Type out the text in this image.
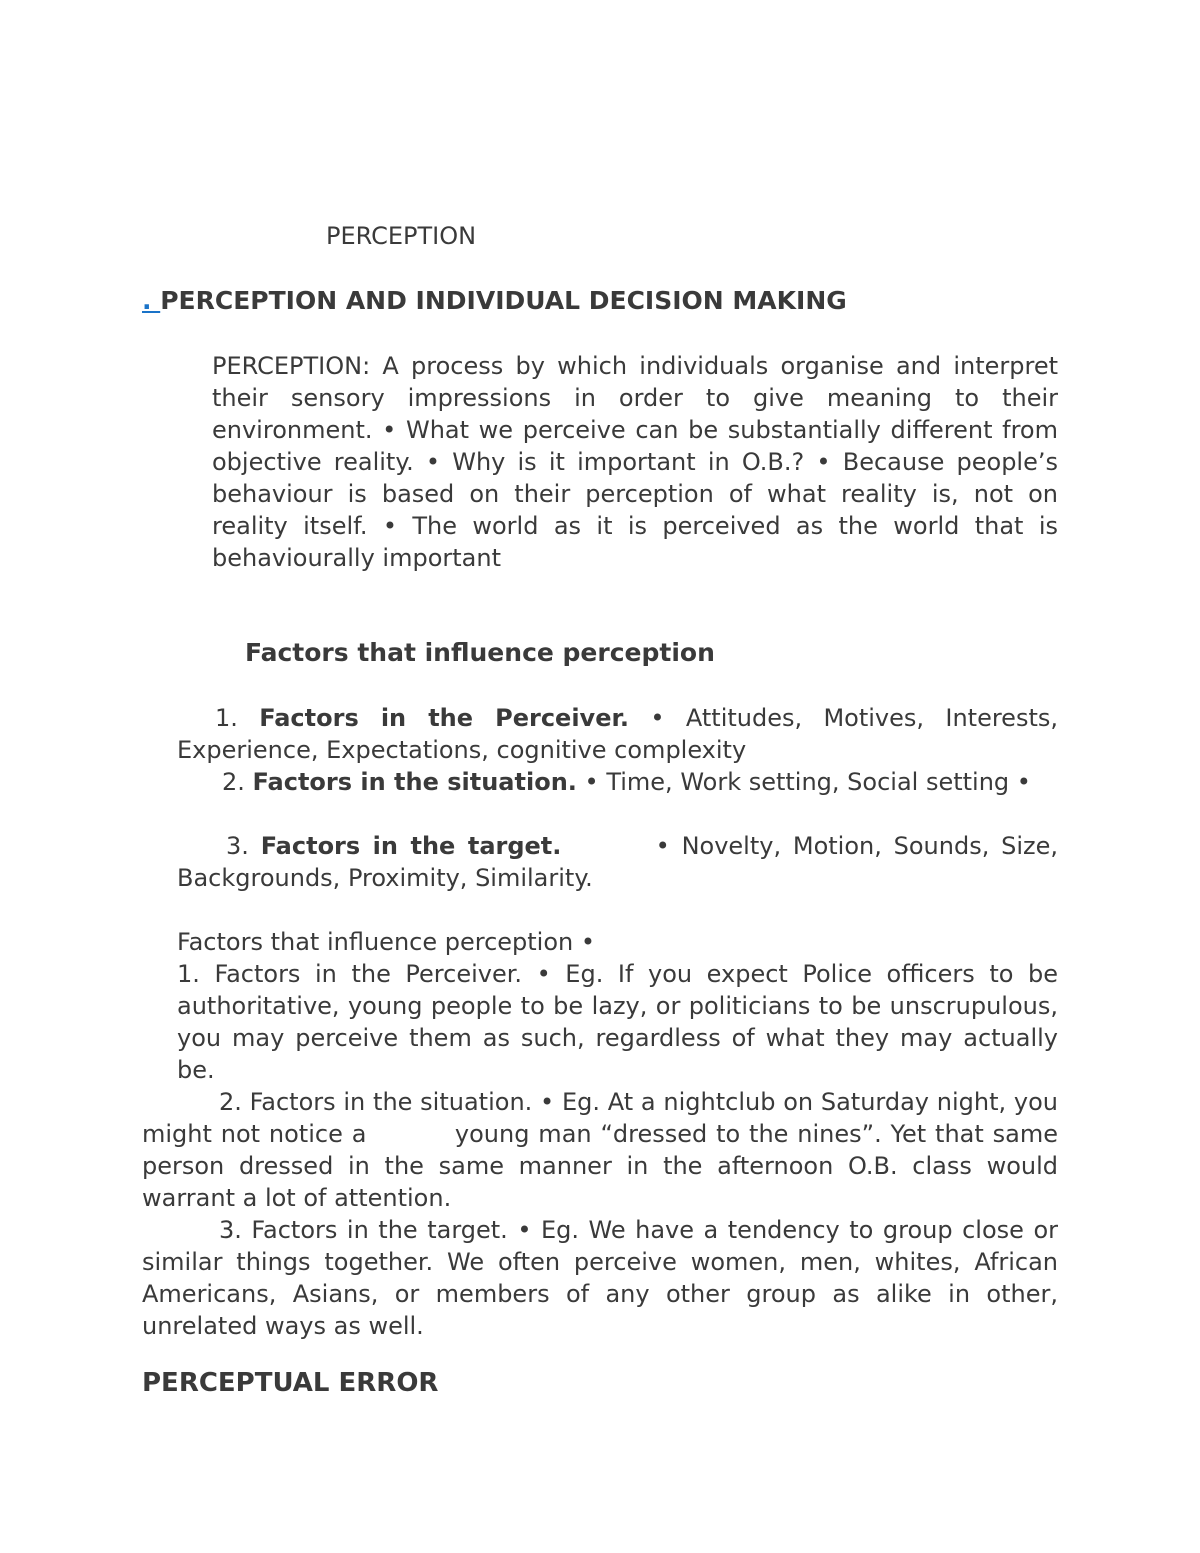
PERCEPTION
. PERCEPTION AND INDIVIDUAL DECISION MAKING

PERCEPTION: A process by which individuals organise and interpret their sensory impressions in order to give meaning to their environment. • What we perceive can be substantially different from objective reality. • Why is it important in O.B.? • Because people’s behaviour is based on their perception of what reality is, not on reality itself. • The world as it is perceived as the world that is behaviourally important

Factors that influence perception

1. Factors in the Perceiver. • Attitudes, Motives, Interests, Experience, Expectations, cognitive complexity

2. Factors in the situation. • Time, Work setting, Social setting •

3. Factors in the target.        • Novelty, Motion, Sounds, Size, Backgrounds, Proximity, Similarity.

Factors that influence perception •

1. Factors in the Perceiver. • Eg. If you expect Police officers to be authoritative, young people to be lazy, or politicians to be unscrupulous, you may perceive them as such, regardless of what they may actually be.

2. Factors in the situation. • Eg. At a nightclub on Saturday night, you might not notice a          young man “dressed to the nines”. Yet that same person dressed in the same manner in the afternoon O.B. class would warrant a lot of attention.

3. Factors in the target. • Eg. We have a tendency to group close or similar things together. We often perceive women, men, whites, African Americans, Asians, or members of any other group as alike in other, unrelated ways as well.

PERCEPTUAL ERROR
